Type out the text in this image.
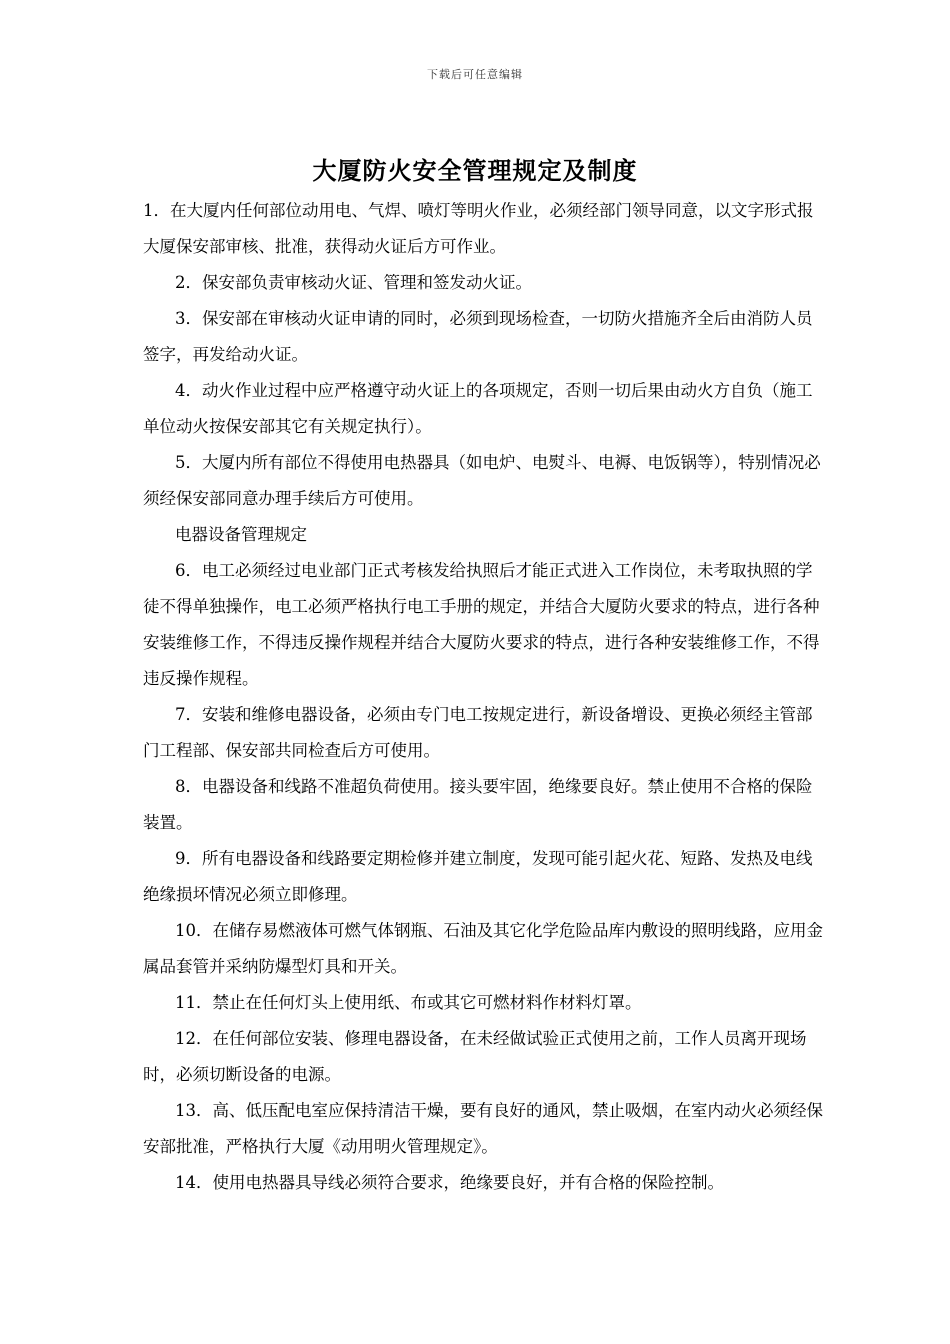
下载后可任意编辑
大厦防火安全管理规定及制度

1．在大厦内任何部位动用电、气焊、喷灯等明火作业，必须经部门领导同意，以文字形式报大厦保安部审核、批准，获得动火证后方可作业。

2．保安部负责审核动火证、管理和签发动火证。

3．保安部在审核动火证申请的同时，必须到现场检查，一切防火措施齐全后由消防人员签字，再发给动火证。

4．动火作业过程中应严格遵守动火证上的各项规定，否则一切后果由动火方自负（施工单位动火按保安部其它有关规定执行）。

5．大厦内所有部位不得使用电热器具（如电炉、电熨斗、电褥、电饭锅等），特别情况必须经保安部同意办理手续后方可使用。

电器设备管理规定

6．电工必须经过电业部门正式考核发给执照后才能正式进入工作岗位，未考取执照的学徒不得单独操作，电工必须严格执行电工手册的规定，并结合大厦防火要求的特点，进行各种安装维修工作，不得违反操作规程并结合大厦防火要求的特点，进行各种安装维修工作，不得违反操作规程。

7．安装和维修电器设备，必须由专门电工按规定进行，新设备增设、更换必须经主管部门工程部、保安部共同检查后方可使用。

8．电器设备和线路不准超负荷使用。接头要牢固，绝缘要良好。禁止使用不合格的保险装置。

9．所有电器设备和线路要定期检修并建立制度，发现可能引起火花、短路、发热及电线绝缘损坏情况必须立即修理。

10．在储存易燃液体可燃气体钢瓶、石油及其它化学危险品库内敷设的照明线路，应用金属品套管并采纳防爆型灯具和开关。

11．禁止在任何灯头上使用纸、布或其它可燃材料作材料灯罩。

12．在任何部位安装、修理电器设备，在未经做试验正式使用之前，工作人员离开现场时，必须切断设备的电源。

13．高、低压配电室应保持清洁干燥，要有良好的通风，禁止吸烟，在室内动火必须经保安部批准，严格执行大厦《动用明火管理规定》。

14．使用电热器具导线必须符合要求，绝缘要良好，并有合格的保险控制。
